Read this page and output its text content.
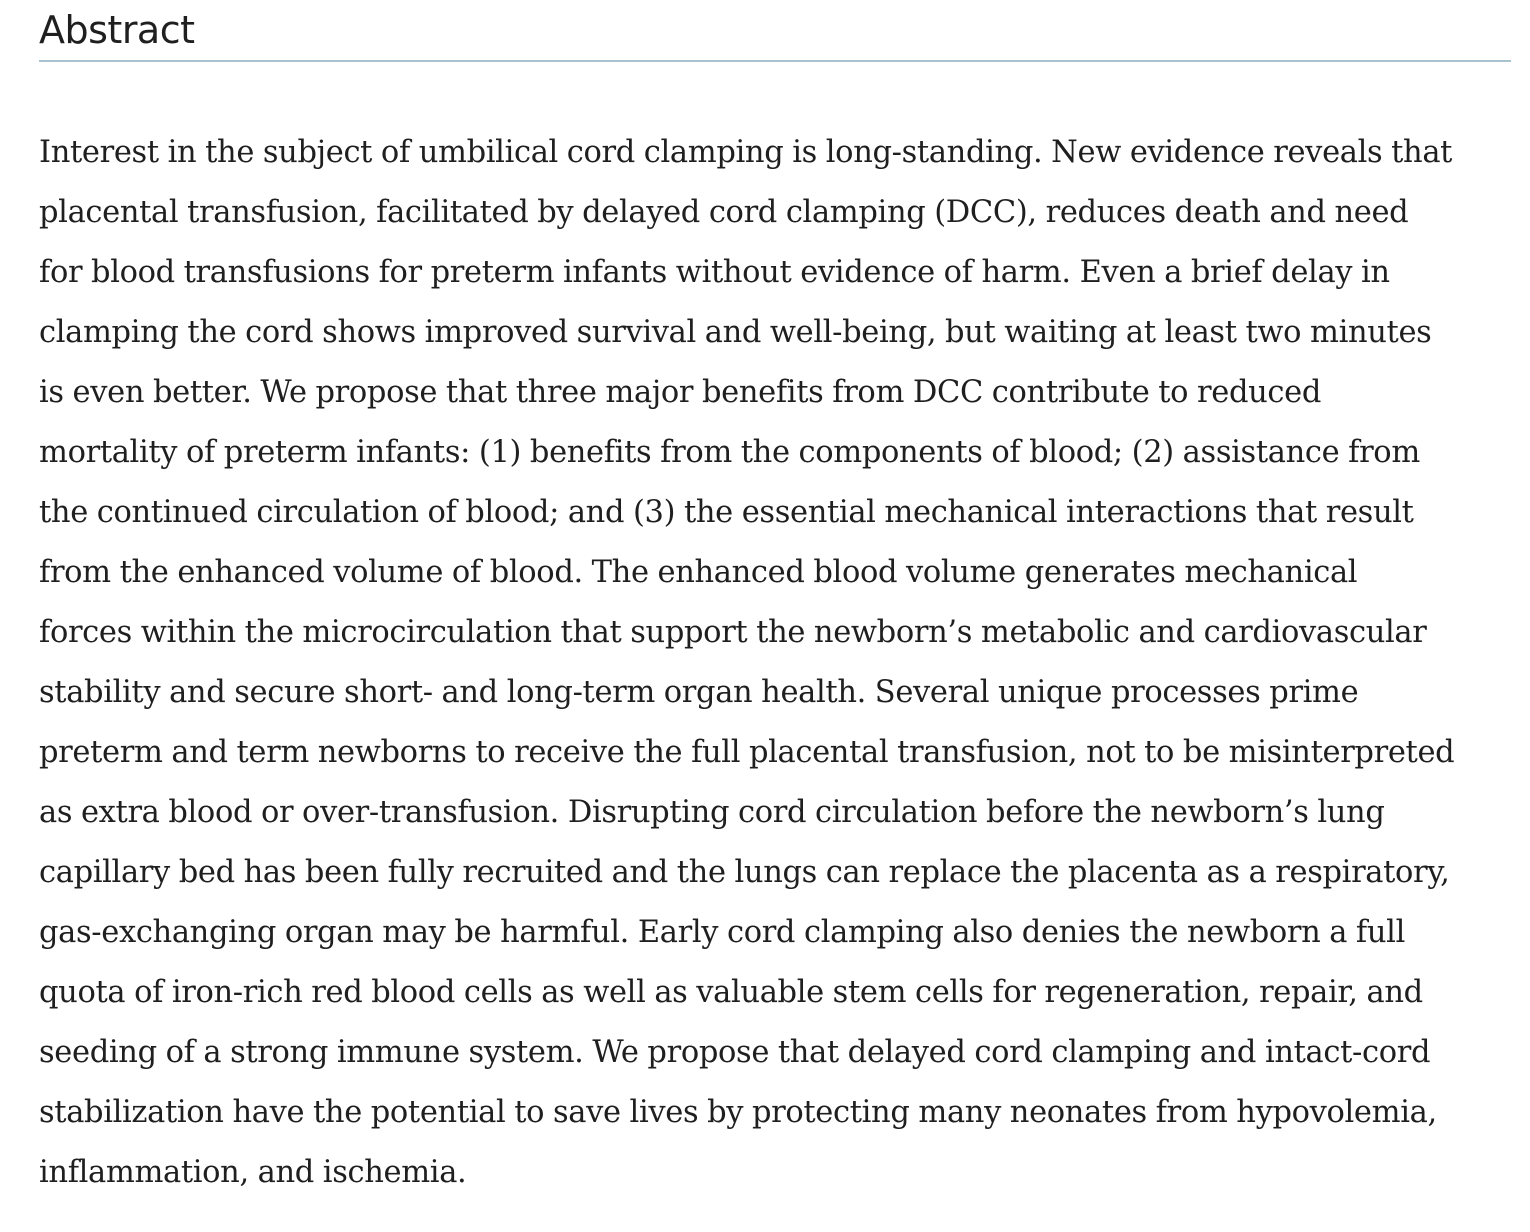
Abstract

Interest in the subject of umbilical cord clamping is long-standing. New evidence reveals that
placental transfusion, facilitated by delayed cord clamping (DCC), reduces death and need
for blood transfusions for preterm infants without evidence of harm. Even a brief delay in
clamping the cord shows improved survival and well-being, but waiting at least two minutes
is even better. We propose that three major benefits from DCC contribute to reduced
mortality of preterm infants: (1) benefits from the components of blood; (2) assistance from
the continued circulation of blood; and (3) the essential mechanical interactions that result
from the enhanced volume of blood. The enhanced blood volume generates mechanical
forces within the microcirculation that support the newborn’s metabolic and cardiovascular
stability and secure short- and long-term organ health. Several unique processes prime
preterm and term newborns to receive the full placental transfusion, not to be misinterpreted
as extra blood or over-transfusion. Disrupting cord circulation before the newborn’s lung
capillary bed has been fully recruited and the lungs can replace the placenta as a respiratory,
gas-exchanging organ may be harmful. Early cord clamping also denies the newborn a full
quota of iron-rich red blood cells as well as valuable stem cells for regeneration, repair, and
seeding of a strong immune system. We propose that delayed cord clamping and intact-cord
stabilization have the potential to save lives by protecting many neonates from hypovolemia,
inflammation, and ischemia.
